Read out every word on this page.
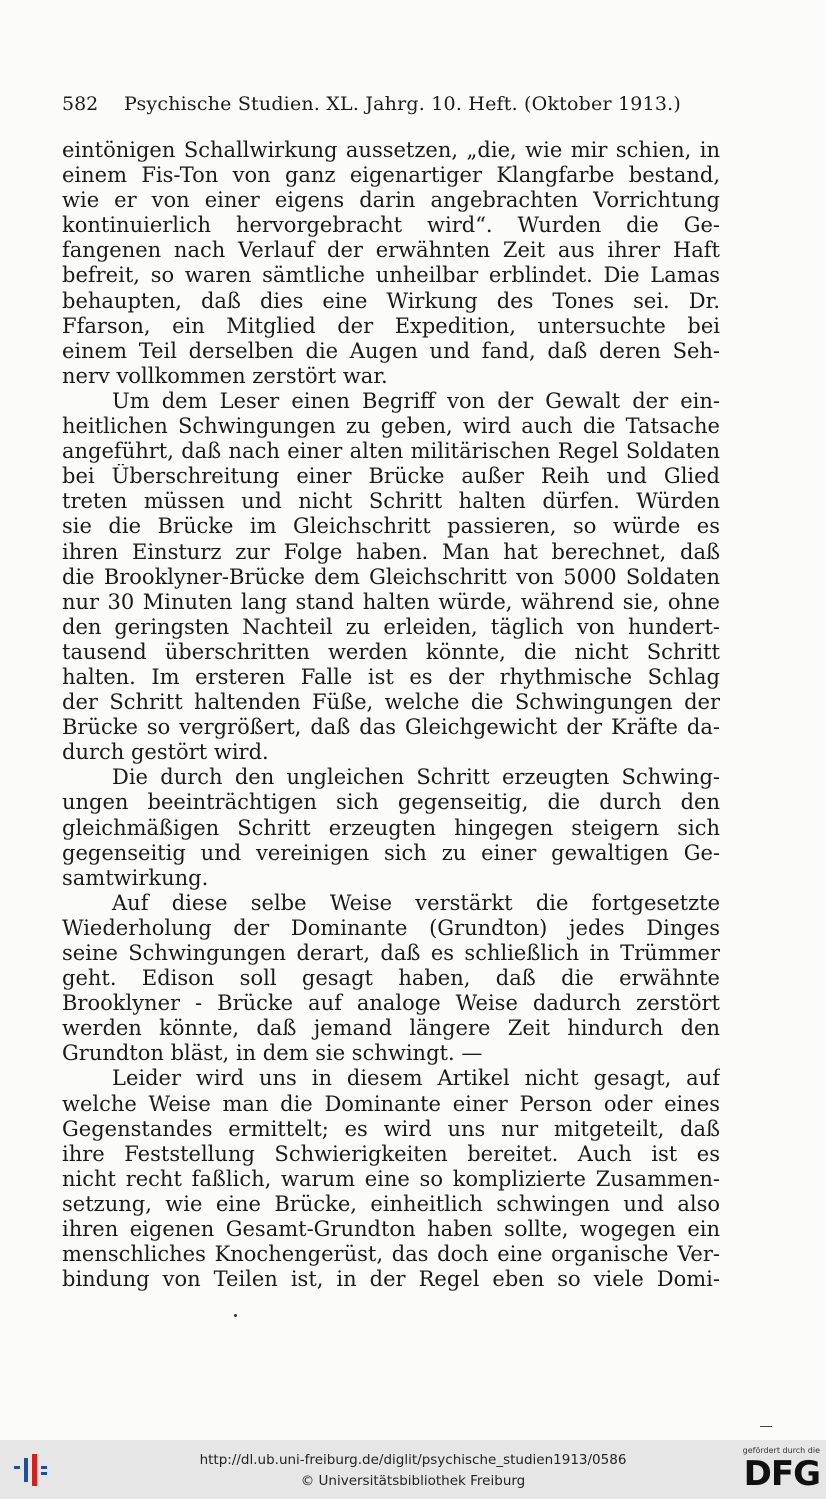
582	Psychische Studien. XL. Jahrg. 10. Heft. (Oktober 1913.)
eintönigen Schallwirkung aussetzen, „die, wie mir schien, in
einem Fis-Ton von ganz eigenartiger Klangfarbe bestand,
wie er von einer eigens darin angebrachten Vorrichtung
kontinuierlich hervorgebracht wird“. Wurden die Ge-
fangenen nach Verlauf der erwähnten Zeit aus ihrer Haft
befreit, so waren sämtliche unheilbar erblindet. Die Lamas
behaupten, daß dies eine Wirkung des Tones sei. Dr.
Ffarson, ein Mitglied der Expedition, untersuchte bei
einem Teil derselben die Augen und fand, daß deren Seh-
nerv vollkommen zerstört war.
Um dem Leser einen Begriff von der Gewalt der ein-
heitlichen Schwingungen zu geben, wird auch die Tatsache
angeführt, daß nach einer alten militärischen Regel Soldaten
bei Überschreitung einer Brücke außer Reih und Glied
treten müssen und nicht Schritt halten dürfen. Würden
sie die Brücke im Gleichschritt passieren, so würde es
ihren Einsturz zur Folge haben. Man hat berechnet, daß
die Brooklyner-Brücke dem Gleichschritt von 5000 Soldaten
nur 30 Minuten lang stand halten würde, während sie, ohne
den geringsten Nachteil zu erleiden, täglich von hundert-
tausend überschritten werden könnte, die nicht Schritt
halten. Im ersteren Falle ist es der rhythmische Schlag
der Schritt haltenden Füße, welche die Schwingungen der
Brücke so vergrößert, daß das Gleichgewicht der Kräfte da-
durch gestört wird.
Die durch den ungleichen Schritt erzeugten Schwing-
ungen beeinträchtigen sich gegenseitig, die durch den
gleichmäßigen Schritt erzeugten hingegen steigern sich
gegenseitig und vereinigen sich zu einer gewaltigen Ge-
samtwirkung.
Auf diese selbe Weise verstärkt die fortgesetzte
Wiederholung der Dominante (Grundton) jedes Dinges
seine Schwingungen derart, daß es schließlich in Trümmer
geht. Edison soll gesagt haben, daß die erwähnte
Brooklyner - Brücke auf analoge Weise dadurch zerstört
werden könnte, daß jemand längere Zeit hindurch den
Grundton bläst, in dem sie schwingt. —
Leider wird uns in diesem Artikel nicht gesagt, auf
welche Weise man die Dominante einer Person oder eines
Gegenstandes ermittelt; es wird uns nur mitgeteilt, daß
ihre Feststellung Schwierigkeiten bereitet. Auch ist es
nicht recht faßlich, warum eine so komplizierte Zusammen-
setzung, wie eine Brücke, einheitlich schwingen und also
ihren eigenen Gesamt-Grundton haben sollte, wogegen ein
menschliches Knochengerüst, das doch eine organische Ver-
bindung von Teilen ist, in der Regel eben so viele Domi-
http://dl.ub.uni-freiburg.de/diglit/psychische_studien1913/0586
© Universitätsbibliothek Freiburg
gefördert durch die
DFG
